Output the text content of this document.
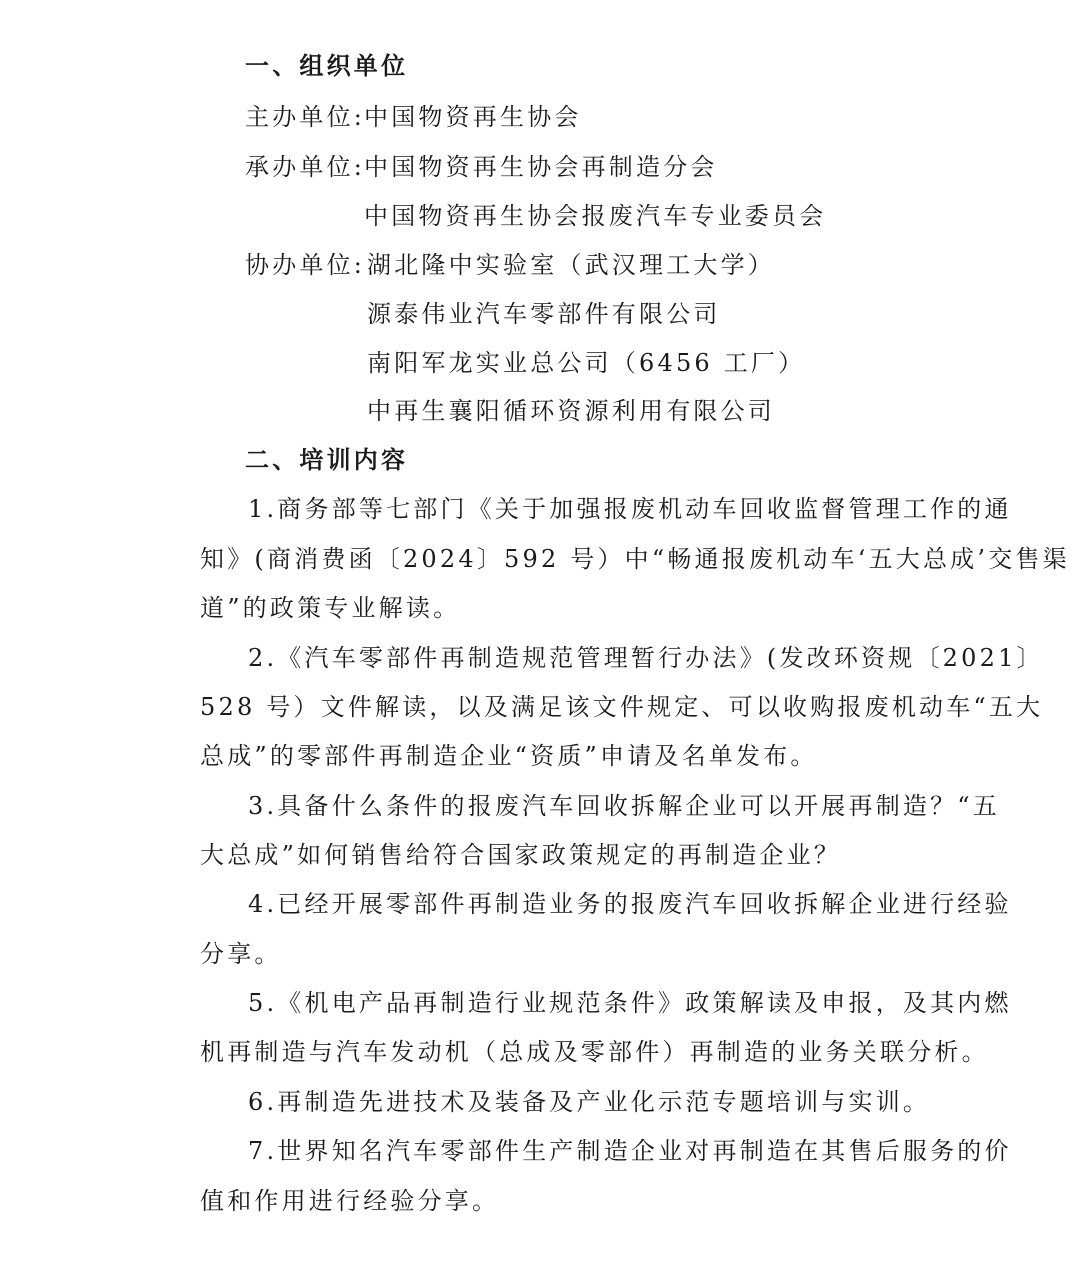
一、组织单位
主办单位:
中国物资再生协会
承办单位:
中国物资再生协会再制造分会
中国物资再生协会报废汽车专业委员会
协办单位: 湖北隆中实验室（武汉理工大学）
源泰伟业汽车零部件有限公司
南阳军龙实业总公司（6456 工厂）
中再生襄阳循环资源利用有限公司
二、培训内容
1.商务部等七部门《关于加强报废机动车回收监督管理工作的通
知》(商消费函〔2024〕592 号）中“畅通报废机动车‘五大总成’交售渠
道”的政策专业解读。
2.《汽车零部件再制造规范管理暂行办法》(发改环资规〔2021〕
528 号）文件解读，以及满足该文件规定、可以收购报废机动车“五大
总成”的零部件再制造企业“资质”申请及名单发布。
3.具备什么条件的报废汽车回收拆解企业可以开展再制造？“五
大总成”如何销售给符合国家政策规定的再制造企业？
4.已经开展零部件再制造业务的报废汽车回收拆解企业进行经验
分享。
5.《机电产品再制造行业规范条件》政策解读及申报，及其内燃
机再制造与汽车发动机（总成及零部件）再制造的业务关联分析。
6.再制造先进技术及装备及产业化示范专题培训与实训。
7.世界知名汽车零部件生产制造企业对再制造在其售后服务的价
值和作用进行经验分享。
